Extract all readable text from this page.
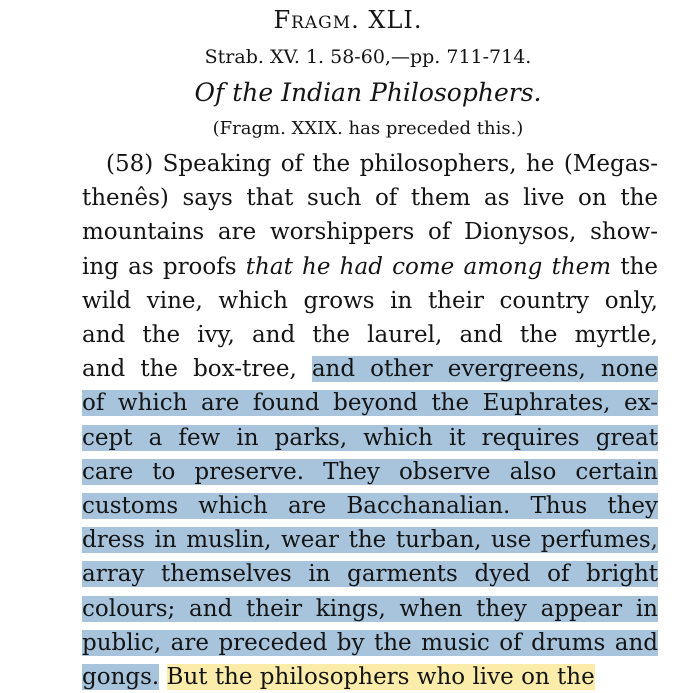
Fragm. XLI.
Strab. XV. 1. 58-60,—pp. 711-714.
Of the Indian Philosophers.
(Fragm. XXIX. has preceded this.)
(58) Speaking of the philosophers, he (Megas-
thenês) says that such of them as live on the
mountains are worshippers of Dionysos, show-
ing as proofs that he had come among them the
wild vine, which grows in their country only,
and the ivy, and the laurel, and the myrtle,
and the box-tree, and other evergreens, none
of which are found beyond the Euphrates, ex-
cept a few in parks, which it requires great
care to preserve. They observe also certain
customs which are Bacchanalian. Thus they
dress in muslin, wear the turban, use perfumes,
array themselves in garments dyed of bright
colours; and their kings, when they appear in
public, are preceded by the music of drums and
gongs. But the philosophers who live on the
